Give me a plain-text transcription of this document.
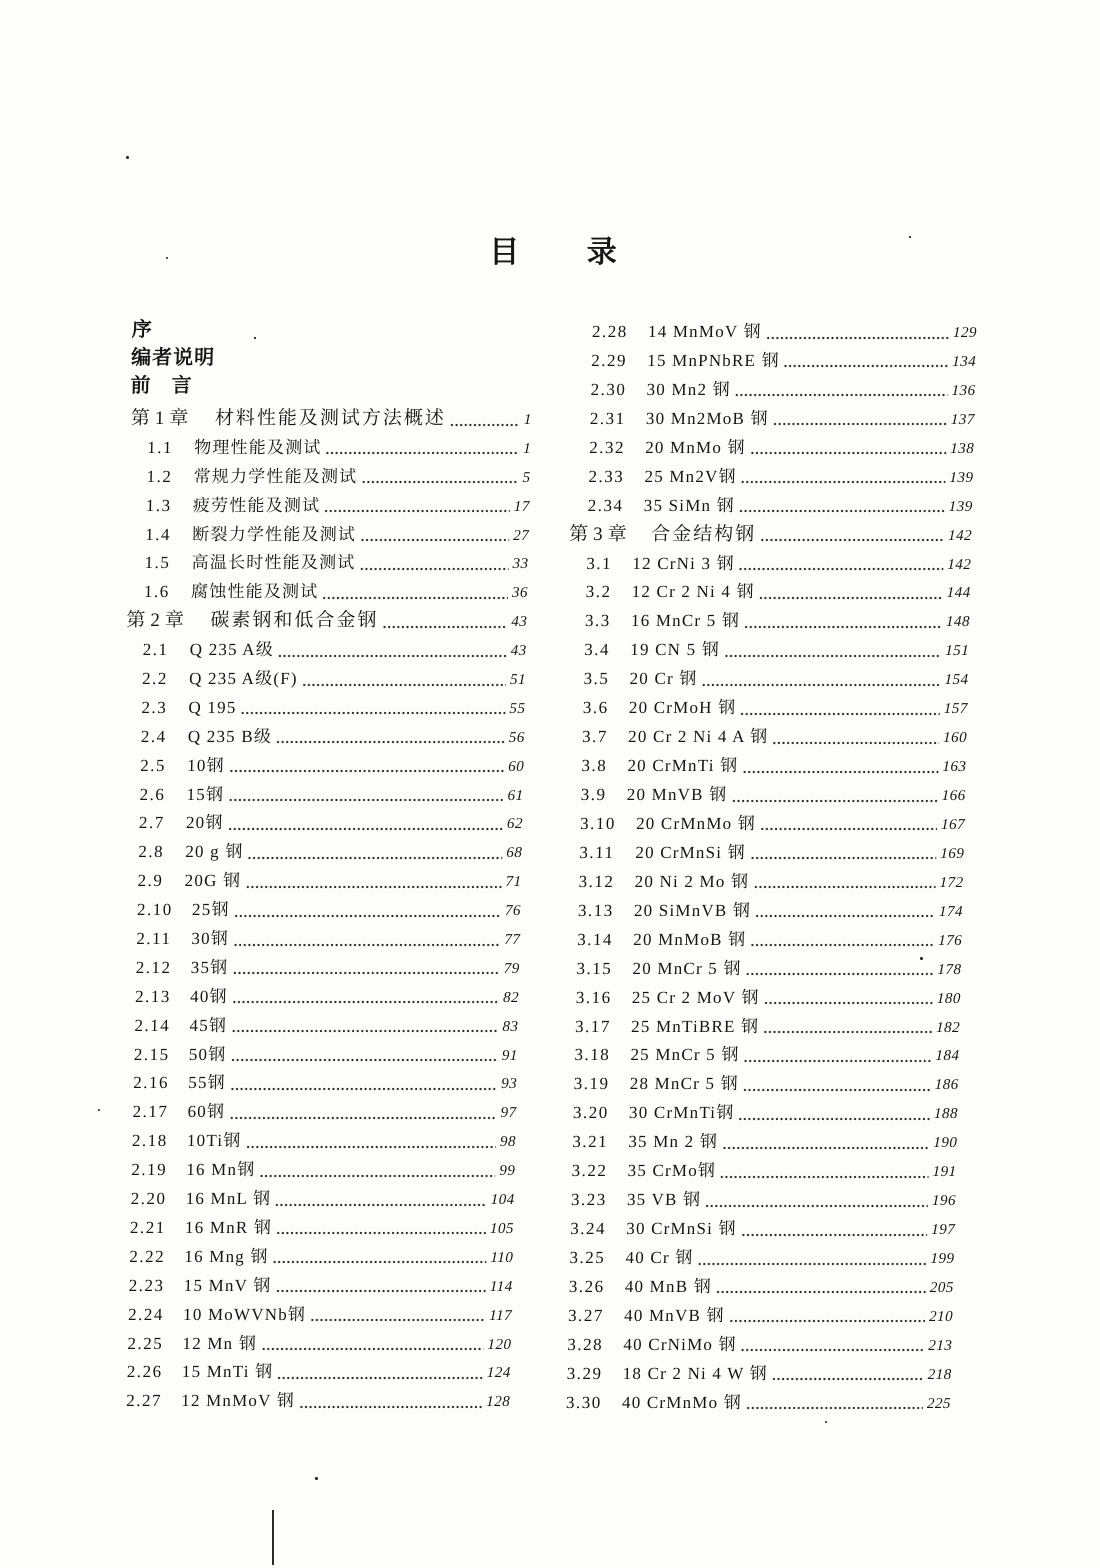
目 录
序
编者说明
前 言
第1章	材料性能及测试方法概述	1
1.1	物理性能及测试	1
1.2	常规力学性能及测试	5
1.3	疲劳性能及测试	17
1.4	断裂力学性能及测试	27
1.5	高温长时性能及测试	33
1.6	腐蚀性能及测试	36
第2章	碳素钢和低合金钢	43
2.1	Q 235 A级	43
2.2	Q 235 A级(F)	51
2.3	Q 195	55
2.4	Q 235 B级	56
2.5	10钢	60
2.6	15钢	61
2.7	20钢	62
2.8	20 g 钢	68
2.9	20G 钢	71
2.10	25钢	76
2.11	30钢	77
2.12	35钢	79
2.13	40钢	82
2.14	45钢	83
2.15	50钢	91
2.16	55钢	93
2.17	60钢	97
2.18	10Ti钢	98
2.19	16 Mn钢	99
2.20	16 MnL 钢	104
2.21	16 MnR 钢	105
2.22	16 Mng 钢	110
2.23	15 MnV 钢	114
2.24	10 MoWVNb钢	117
2.25	12 Mn 钢	120
2.26	15 MnTi 钢	124
2.27	12 MnMoV 钢	128
2.28	14 MnMoV 钢	129
2.29	15 MnPNbRE 钢	134
2.30	30 Mn2 钢	136
2.31	30 Mn2MoB 钢	137
2.32	20 MnMo 钢	138
2.33	25 Mn2V钢	139
2.34	35 SiMn 钢	139
第3章 合金结构钢	142
3.1	12 CrNi 3 钢	142
3.2	12 Cr 2 Ni 4 钢	144
3.3	16 MnCr 5 钢	148
3.4	19 CN 5 钢	151
3.5	20 Cr 钢	154
3.6	20 CrMoH 钢	157
3.7	20 Cr 2 Ni 4 A 钢	160
3.8	20 CrMnTi 钢	163
3.9	20 MnVB 钢	166
3.10	20 CrMnMo 钢	167
3.11	20 CrMnSi 钢	169
3.12	20 Ni 2 Mo 钢	172
3.13	20 SiMnVB 钢	174
3.14	20 MnMoB 钢	176
3.15	20 MnCr 5 钢	178
3.16	25 Cr 2 MoV 钢	180
3.17	25 MnTiBRE 钢	182
3.18	25 MnCr 5 钢	184
3.19	28 MnCr 5 钢	186
3.20	30 CrMnTi钢	188
3.21	35 Mn 2 钢	190
3.22	35 CrMo钢	191
3.23	35 VB 钢	196
3.24	30 CrMnSi 钢	197
3.25	40 Cr 钢	199
3.26	40 MnB 钢	205
3.27	40 MnVB 钢	210
3.28	40 CrNiMo 钢	213
3.29	18 Cr 2 Ni 4 W 钢	218
3.30	40 CrMnMo 钢	225
